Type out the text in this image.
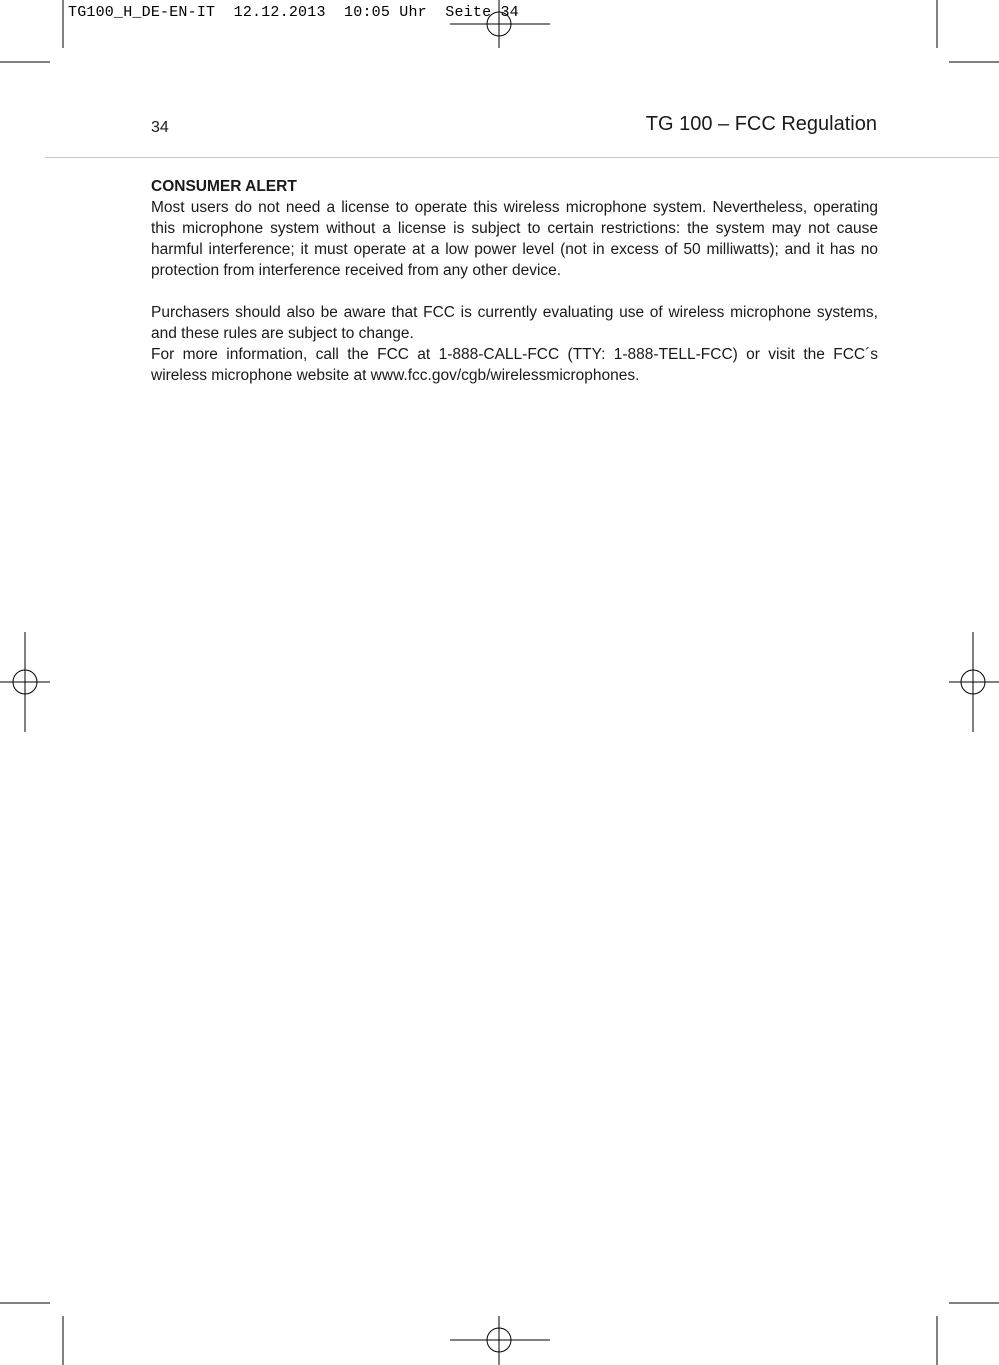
TG100_H_DE-EN-IT  12.12.2013  10:05 Uhr  Seite 34
34	TG 100 – FCC Regulation
CONSUMER ALERT

Most users do not need a license to operate this wireless microphone system. Nevertheless, operating this microphone system without a license is subject to certain restrictions: the system may not cause harmful interference; it must operate at a low power level (not in excess of 50 milliwatts); and it has no protection from interference received from any other device.

Purchasers should also be aware that FCC is currently evaluating use of wireless microphone systems, and these rules are subject to change.

For more information, call the FCC at 1-888-CALL-FCC (TTY: 1-888-TELL-FCC) or visit the FCC´s wireless microphone website at www.fcc.gov/cgb/wirelessmicrophones.
